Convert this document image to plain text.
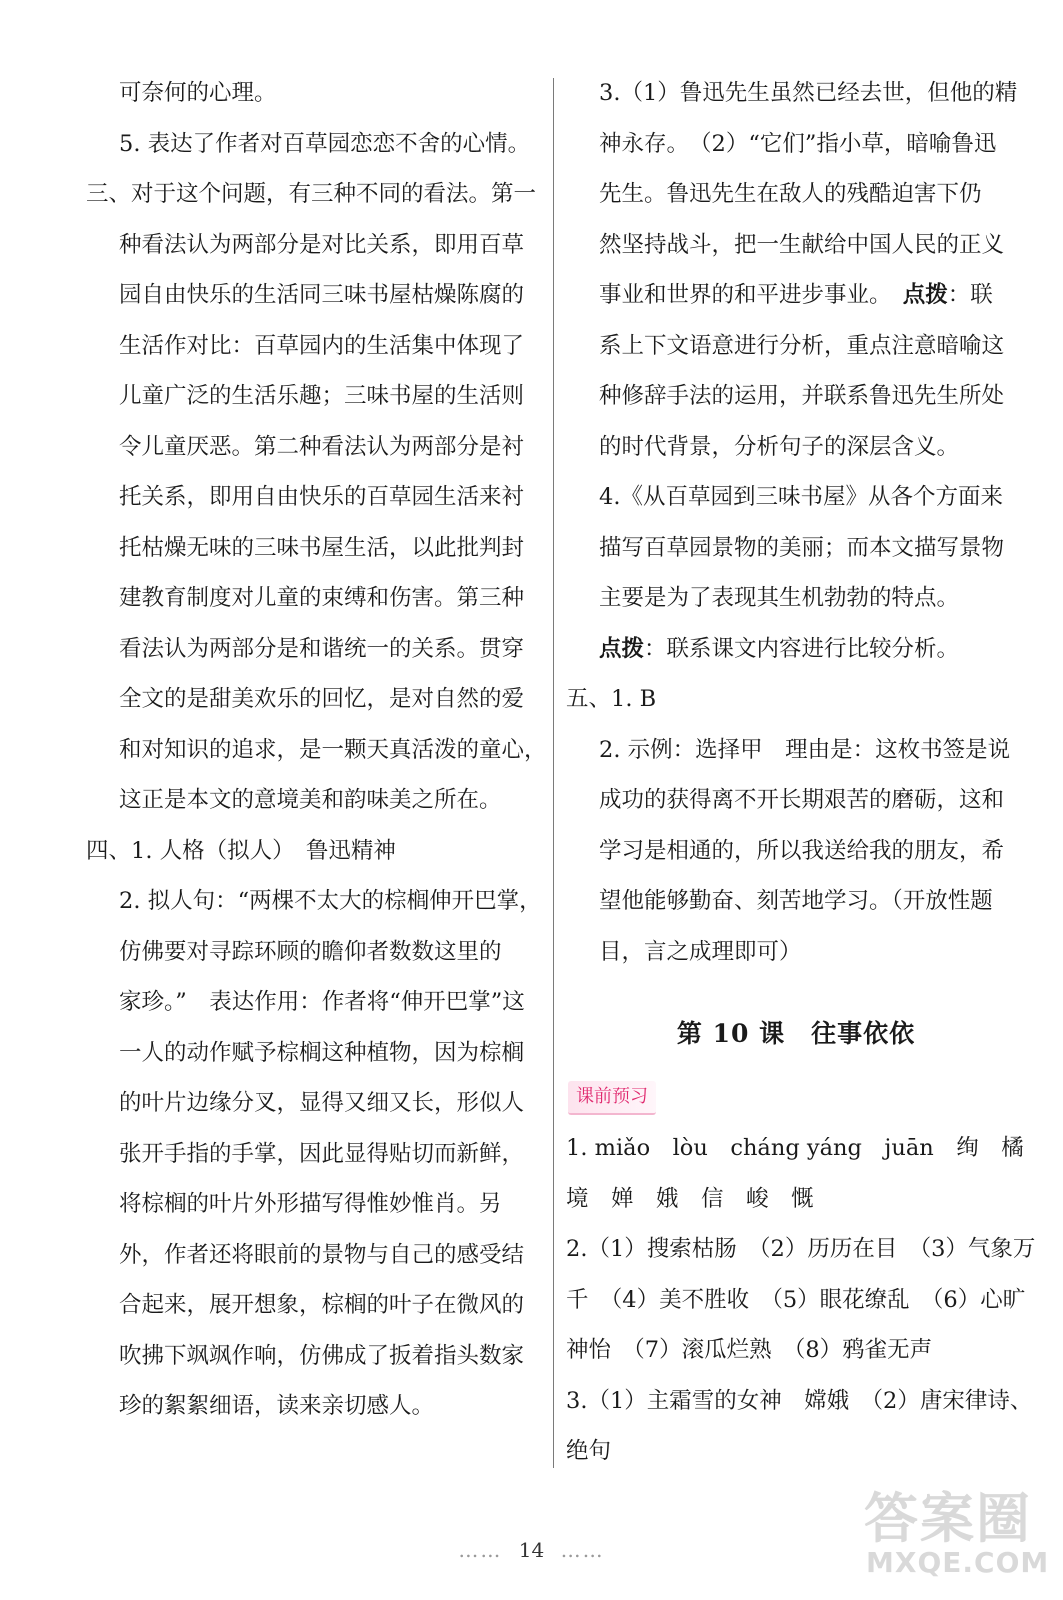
可奈何的心理。
5. 表达了作者对百草园恋恋不舍的心情。
三、对于这个问题，有三种不同的看法。第一
种看法认为两部分是对比关系，即用百草
园自由快乐的生活同三味书屋枯燥陈腐的
生活作对比：百草园内的生活集中体现了
儿童广泛的生活乐趣；三味书屋的生活则
令儿童厌恶。第二种看法认为两部分是衬
托关系，即用自由快乐的百草园生活来衬
托枯燥无味的三味书屋生活，以此批判封
建教育制度对儿童的束缚和伤害。第三种
看法认为两部分是和谐统一的关系。贯穿
全文的是甜美欢乐的回忆，是对自然的爱
和对知识的追求，是一颗天真活泼的童心，
这正是本文的意境美和韵味美之所在。
四、1. 人格（拟人）　鲁迅精神
2. 拟人句：“两棵不太大的棕榈伸开巴掌，
仿佛要对寻踪环顾的瞻仰者数数这里的
家珍。”　表达作用：作者将“伸开巴掌”这
一人的动作赋予棕榈这种植物，因为棕榈
的叶片边缘分叉，显得又细又长，形似人
张开手指的手掌，因此显得贴切而新鲜，
将棕榈的叶片外形描写得惟妙惟肖。另
外，作者还将眼前的景物与自己的感受结
合起来，展开想象，棕榈的叶子在微风的
吹拂下飒飒作响，仿佛成了扳着指头数家
珍的絮絮细语，读来亲切感人。
3.（1）鲁迅先生虽然已经去世，但他的精
神永存。　（2）“它们”指小草，暗喻鲁迅
先生。鲁迅先生在敌人的残酷迫害下仍
然坚持战斗，把一生献给中国人民的正义
事业和世界的和平进步事业。　点拨：联
系上下文语意进行分析，重点注意暗喻这
种修辞手法的运用，并联系鲁迅先生所处
的时代背景，分析句子的深层含义。
4.《从百草园到三味书屋》从各个方面来
描写百草园景物的美丽；而本文描写景物
主要是为了表现其生机勃勃的特点。
点拨：联系课文内容进行比较分析。
五、1. B
2. 示例：选择甲　理由是：这枚书签是说
成功的获得离不开长期艰苦的磨砺，这和
学习是相通的，所以我送给我的朋友，希
望他能够勤奋、刻苦地学习。（开放性题
目，言之成理即可）
第 10 课　往事依依
课前预习
1. miǎo　lòu　cháng yáng　juān　绚　橘
境　婵　娥　信　峻　慨
2.（1）搜索枯肠　（2）历历在目　（3）气象万
千　（4）美不胜收　（5）眼花缭乱　（6）心旷
神怡　（7）滚瓜烂熟　（8）鸦雀无声
3.（1）主霜雪的女神　嫦娥　（2）唐宋律诗、
绝句
…… 14 ……	答案圈
MXQE.COM
